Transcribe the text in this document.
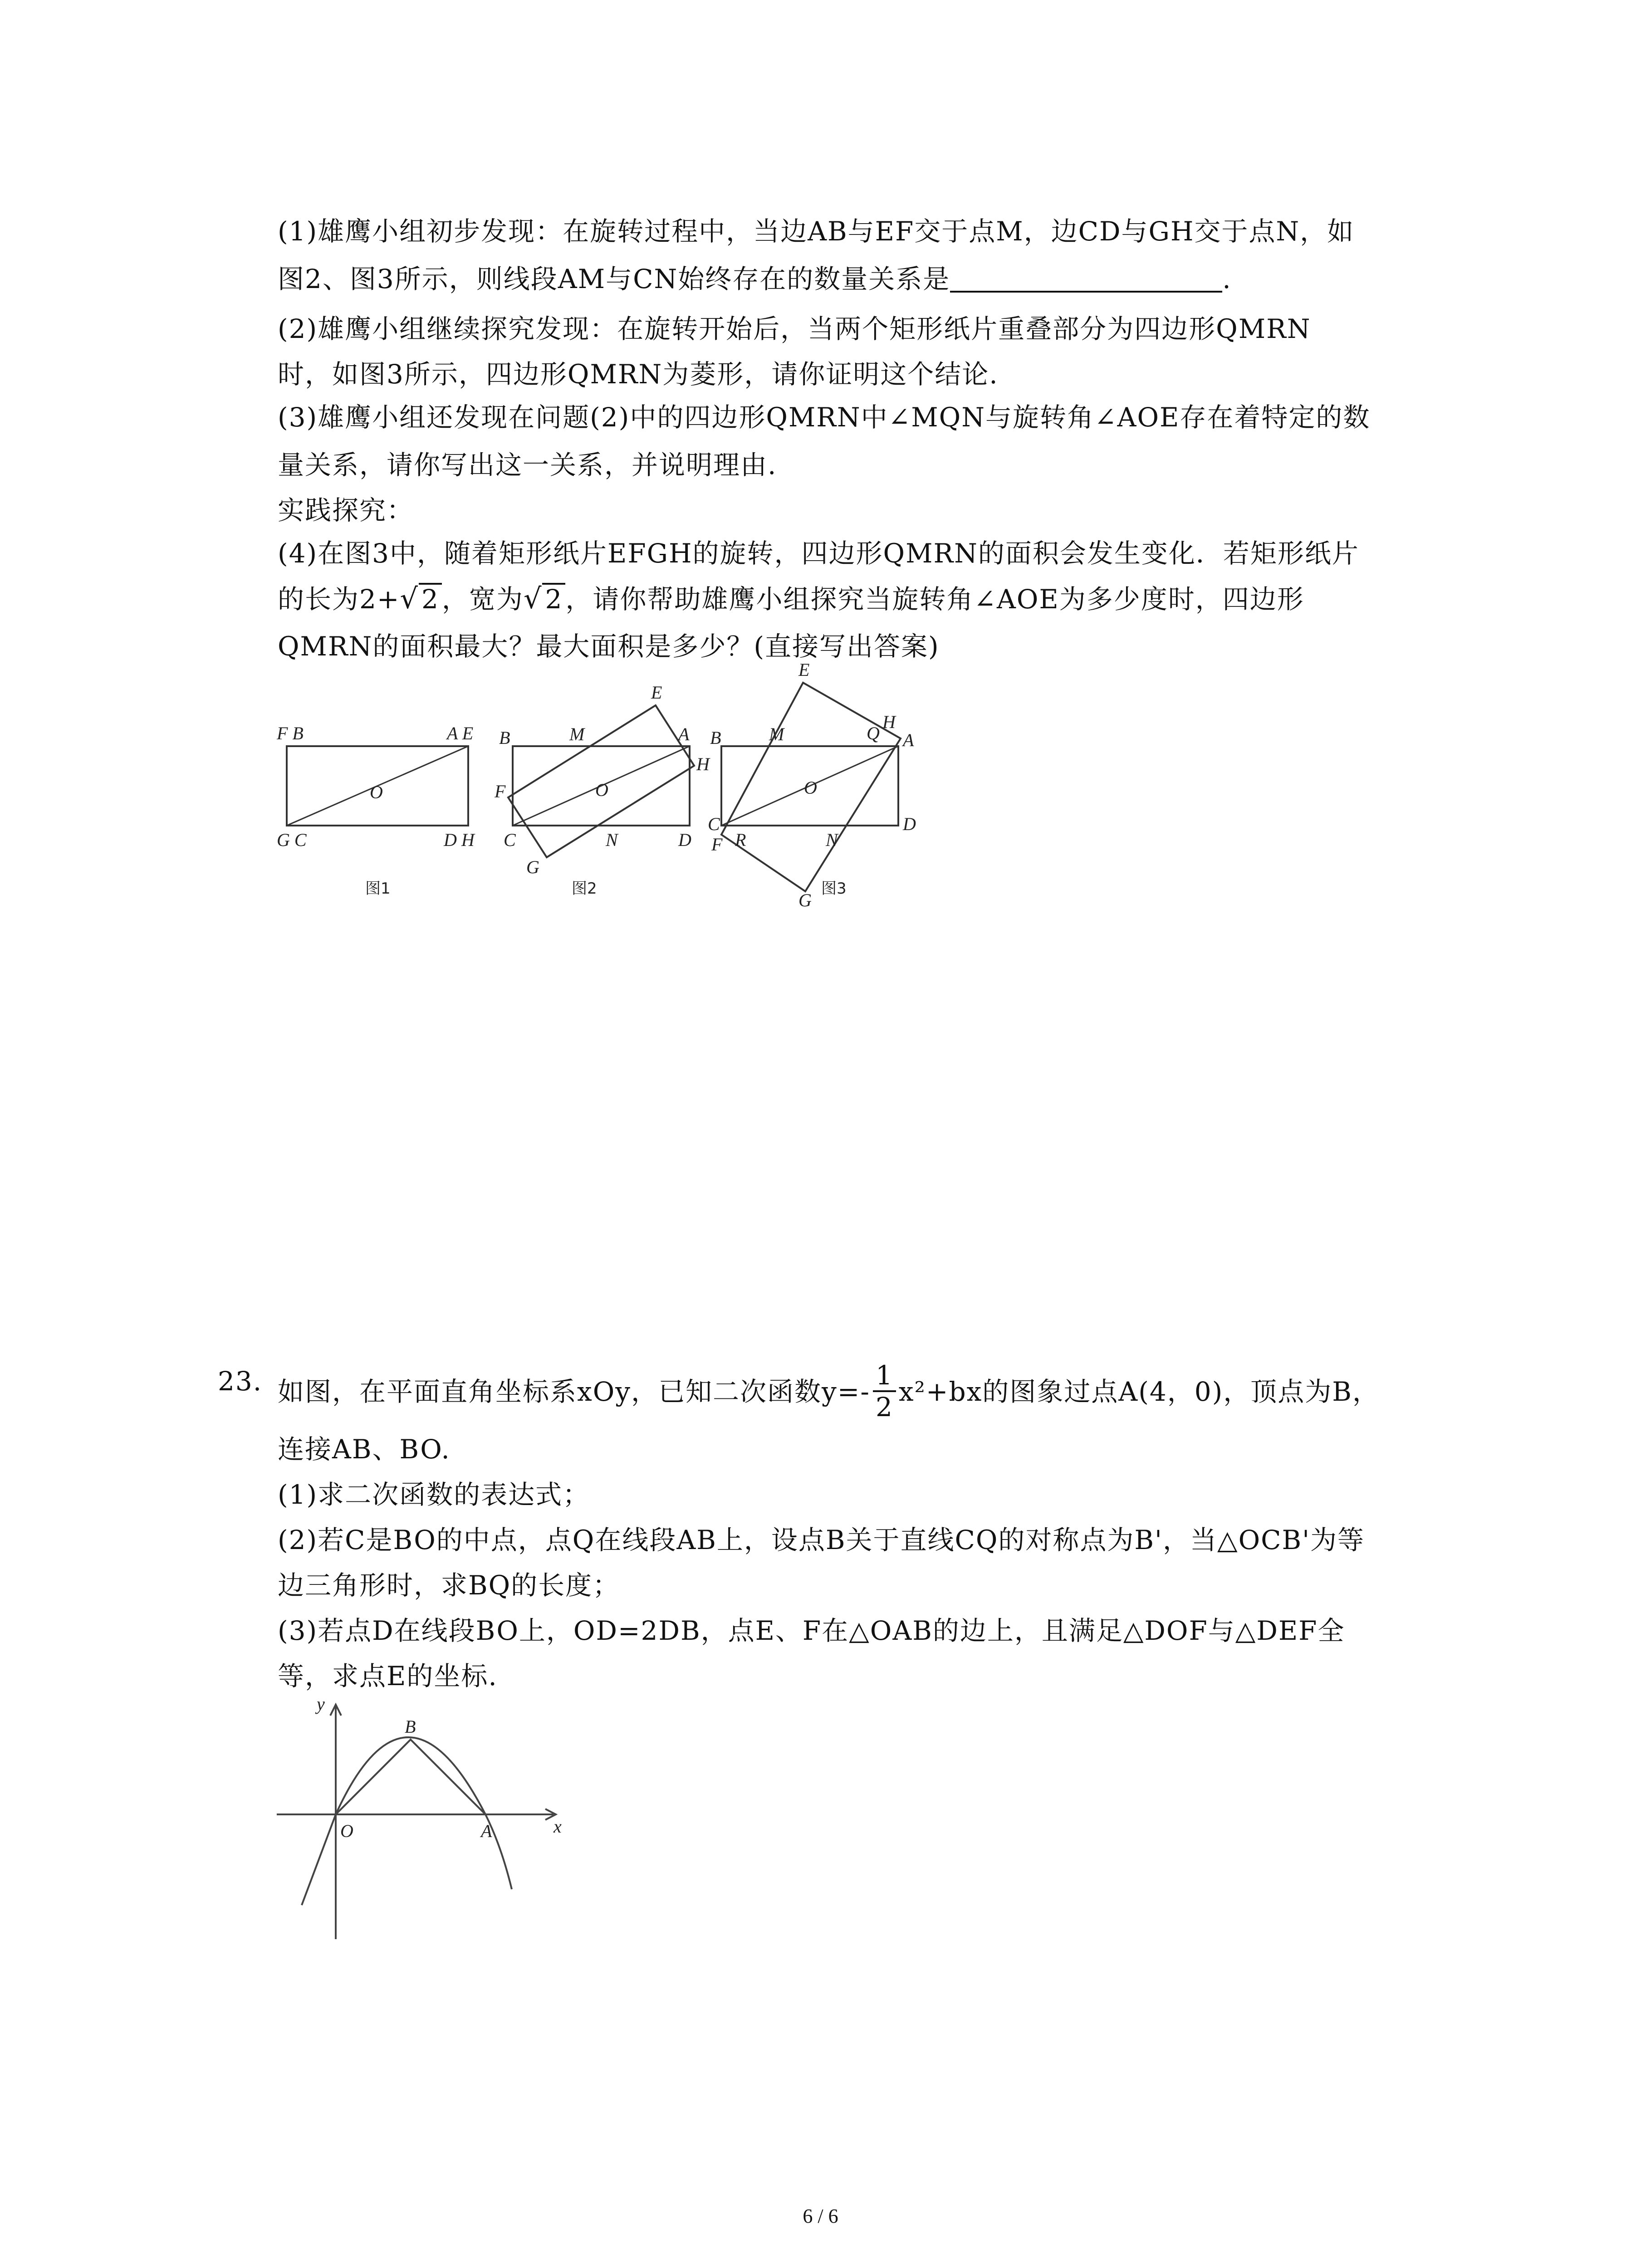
(1)雄鹰小组初步发现：在旋转过程中，当边AB与EF交于点M，边CD与GH交于点N，如
图2、图3所示，则线段AM与CN始终存在的数量关系是	.
(2)雄鹰小组继续探究发现：在旋转开始后，当两个矩形纸片重叠部分为四边形QMRN
时，如图3所示，四边形QMRN为菱形，请你证明这个结论.
(3)雄鹰小组还发现在问题(2)中的四边形QMRN中∠MQN与旋转角∠AOE存在着特定的数
量关系，请你写出这一关系，并说明理由.
实践探究：
(4)在图3中，随着矩形纸片EFGH的旋转，四边形QMRN的面积会发生变化．若矩形纸片
的长为2+√ 2 ，宽为√ 2 ，请你帮助雄鹰小组探究当旋转角∠AOE为多少度时，四边形
QMRN的面积最大？最大面积是多少？(直接写出答案)
F B	A E
O
G C	D H
图1
B	M
E
A
H
F	O
C	N	D
G
图2
E
B	M	Q
H
A
O
C
F R	N
D
G
图3
23. 如图，在平面直角坐标系xOy，已知二次函数$y=- \frac{1}{2} x^2+bx$的图象过点A(4，0)，顶点为B，
连接AB、BO.
(1)求二次函数的表达式；
(2)若C是BO的中点，点Q在线段AB上，设点B关于直线CQ的对称点为B'，当△OCB'为等
边三角形时，求BQ的长度；
(3)若点D在线段BO上，OD=2DB，点E、F在△OAB的边上，且满足△DOF与△DEF全
等，求点E的坐标.
y
B
O	A	x
6 / 6
